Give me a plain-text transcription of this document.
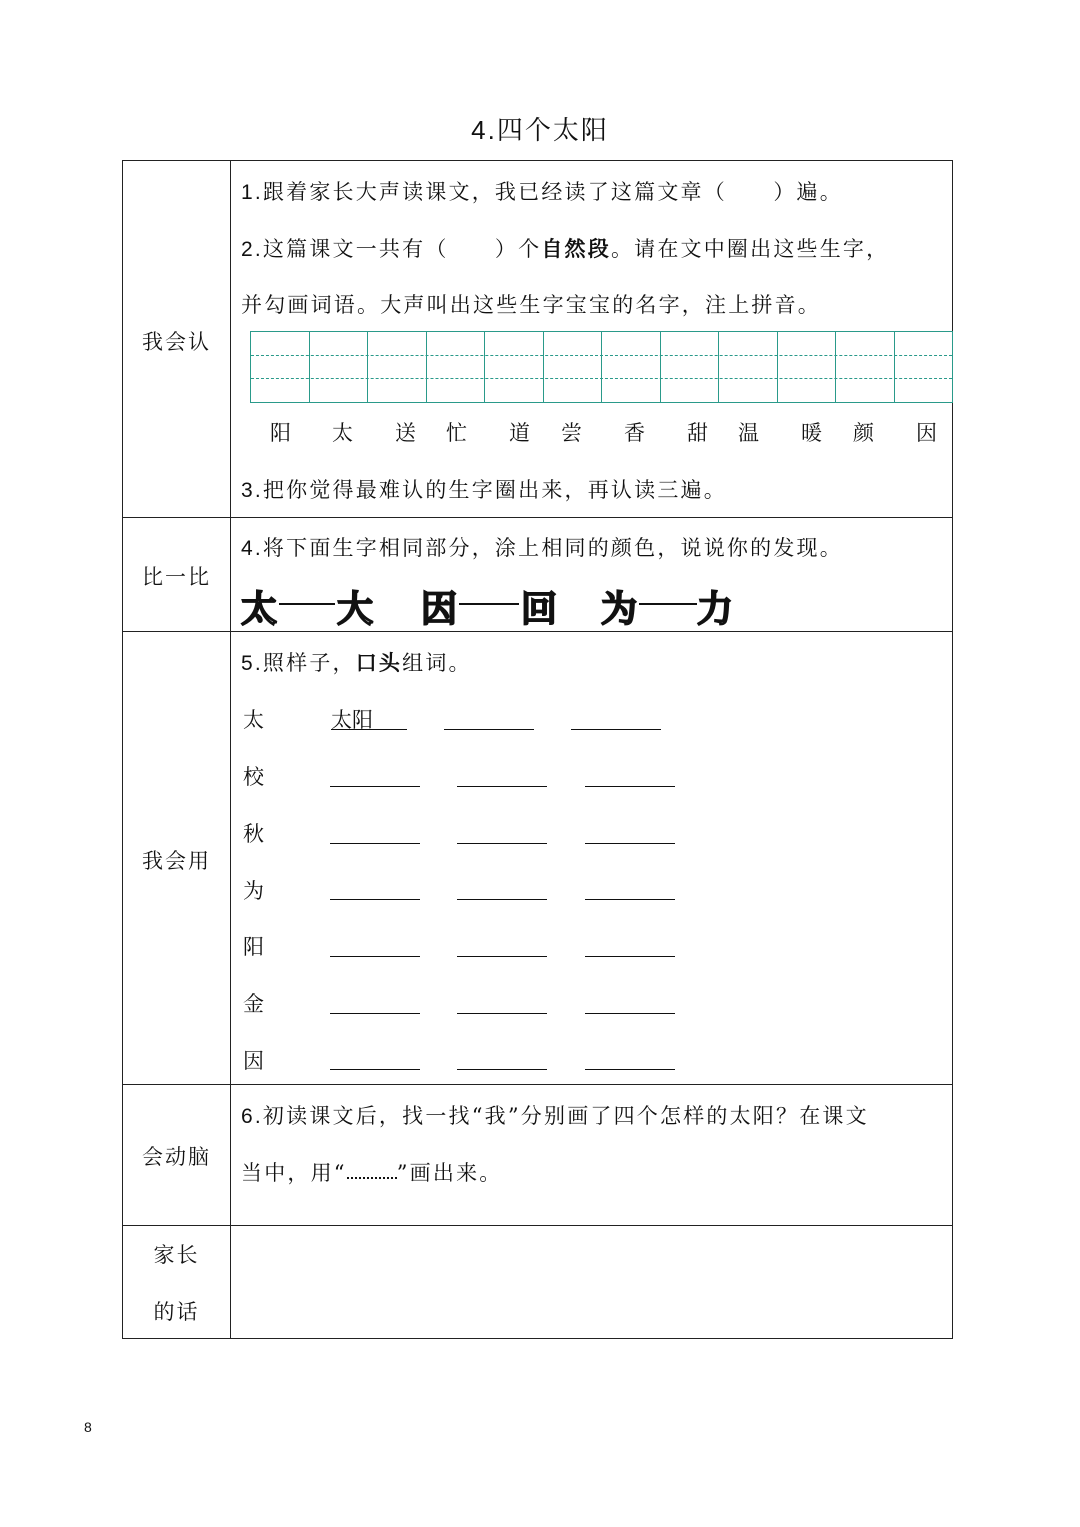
4.四个太阳
我会认
1.跟着家长大声读课文，我已经读了这篇文章（　　）遍。
2.这篇课文一共有（　　）个自然段。请在文中圈出这些生字，
并勾画词语。大声叫出这些生字宝宝的名字，注上拼音。
阳 太 送 忙 道 尝 香 甜 温 暖 颜 因
3.把你觉得最难认的生字圈出来，再认读三遍。
比一比
4.将下面生字相同部分，涂上相同的颜色，说说你的发现。
太 大 因 回 为 力
我会用
5.照样子，口头组词。
太	太阳
校
秋
为
阳
金
因
会动脑
6.初读课文后，找一找“我”分别画了四个怎样的太阳？在课文
当中，用“ ”画出来。
家长
的话
8
